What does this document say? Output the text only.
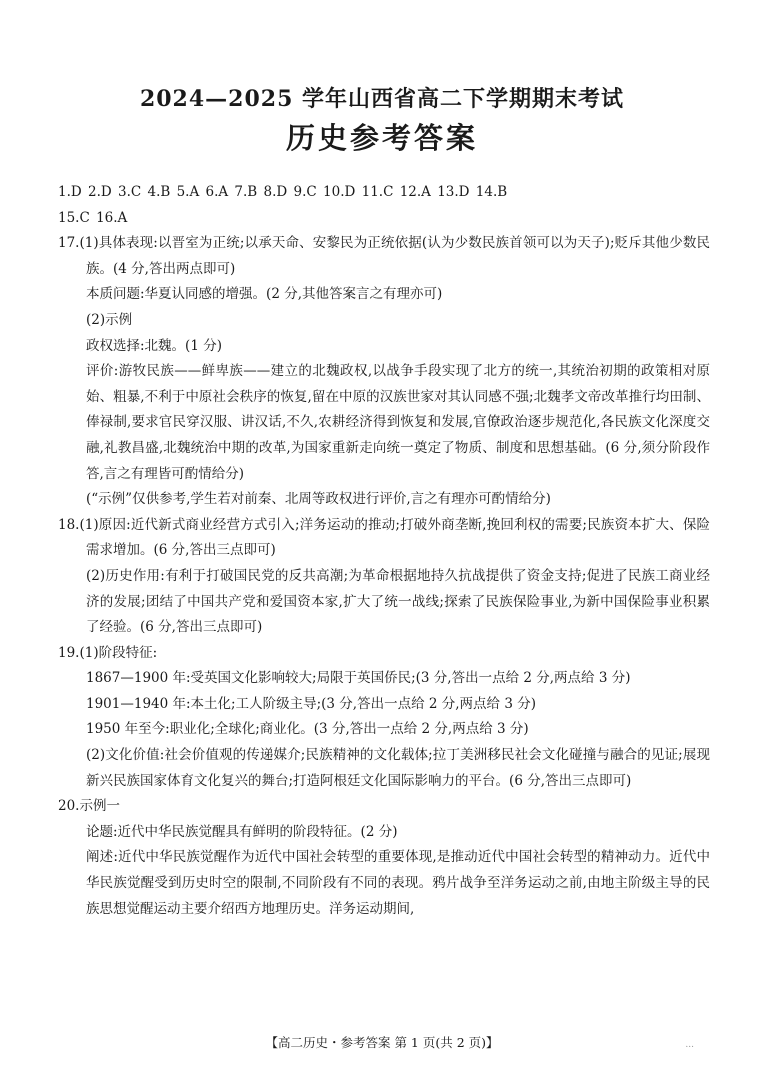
2024—2025 学年山西省高二下学期期末考试
历史参考答案

1.D 2.D 3.C 4.B 5.A 6.A 7.B 8.D 9.C 10.D 11.C 12.A 13.D 14.B

15.C 16.A

17.(1)具体表现:以晋室为正统;以承天命、安黎民为正统依据(认为少数民族首领可以为天子);贬斥其他少数民族。(4 分,答出两点即可)

本质问题:华夏认同感的增强。(2 分,其他答案言之有理亦可)

(2)示例

政权选择:北魏。(1 分)

评价:游牧民族——鲜卑族——建立的北魏政权,以战争手段实现了北方的统一,其统治初期的政策相对原始、粗暴,不利于中原社会秩序的恢复,留在中原的汉族世家对其认同感不强;北魏孝文帝改革推行均田制、俸禄制,要求官民穿汉服、讲汉话,不久,农耕经济得到恢复和发展,官僚政治逐步规范化,各民族文化深度交融,礼教昌盛,北魏统治中期的改革,为国家重新走向统一奠定了物质、制度和思想基础。(6 分,须分阶段作答,言之有理皆可酌情给分)

(“示例”仅供参考,学生若对前秦、北周等政权进行评价,言之有理亦可酌情给分)

18.(1)原因:近代新式商业经营方式引入;洋务运动的推动;打破外商垄断,挽回利权的需要;民族资本扩大、保险需求增加。(6 分,答出三点即可)

(2)历史作用:有利于打破国民党的反共高潮;为革命根据地持久抗战提供了资金支持;促进了民族工商业经济的发展;团结了中国共产党和爱国资本家,扩大了统一战线;探索了民族保险事业,为新中国保险事业积累了经验。(6 分,答出三点即可)

19.(1)阶段特征:

1867—1900 年:受英国文化影响较大;局限于英国侨民;(3 分,答出一点给 2 分,两点给 3 分)

1901—1940 年:本土化;工人阶级主导;(3 分,答出一点给 2 分,两点给 3 分)

1950 年至今:职业化;全球化;商业化。(3 分,答出一点给 2 分,两点给 3 分)

(2)文化价值:社会价值观的传递媒介;民族精神的文化载体;拉丁美洲移民社会文化碰撞与融合的见证;展现新兴民族国家体育文化复兴的舞台;打造阿根廷文化国际影响力的平台。(6 分,答出三点即可)

20.示例一

论题:近代中华民族觉醒具有鲜明的阶段特征。(2 分)

阐述:近代中华民族觉醒作为近代中国社会转型的重要体现,是推动近代中国社会转型的精神动力。近代中华民族觉醒受到历史时空的限制,不同阶段有不同的表现。鸦片战争至洋务运动之前,由地主阶级主导的民族思想觉醒运动主要介绍西方地理历史。洋务运动期间,

【高二历史・参考答案 第 1 页(共 2 页)】	...
